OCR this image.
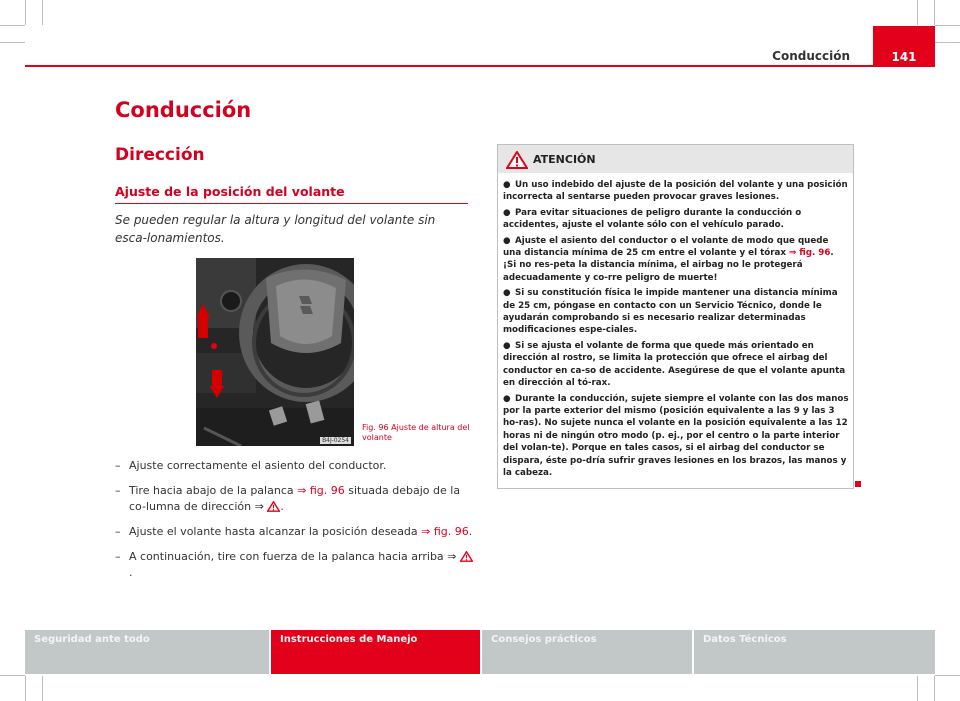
Conducción	141
Conducción
Dirección
Ajuste de la posición del volante

Se pueden regular la altura y longitud del volante sin esca-lonamientos.

B4J-0254
Fig. 96 Ajuste de altura del volante
– Ajuste correctamente el asiento del conductor.
– Tire hacia abajo de la palanca ⇒ fig. 96 situada debajo de la co-lumna de dirección ⇒ .
– Ajuste el volante hasta alcanzar la posición deseada ⇒ fig. 96.
– A continuación, tire con fuerza de la palanca hacia arriba ⇒ .
ATENCIÓN
● Un uso indebido del ajuste de la posición del volante y una posición incorrecta al sentarse pueden provocar graves lesiones.
● Para evitar situaciones de peligro durante la conducción o accidentes, ajuste el volante sólo con el vehículo parado.
● Ajuste el asiento del conductor o el volante de modo que quede una distancia mínima de 25 cm entre el volante y el tórax ⇒ fig. 96. ¡Si no res-peta la distancia mínima, el airbag no le protegerá adecuadamente y co-rre peligro de muerte!
● Si su constitución física le impide mantener una distancia mínima de 25 cm, póngase en contacto con un Servicio Técnico, donde le ayudarán comprobando si es necesario realizar determinadas modificaciones espe-ciales.
● Si se ajusta el volante de forma que quede más orientado en dirección al rostro, se limita la protección que ofrece el airbag del conductor en ca-so de accidente. Asegúrese de que el volante apunta en dirección al tó-rax.
● Durante la conducción, sujete siempre el volante con las dos manos por la parte exterior del mismo (posición equivalente a las 9 y las 3 ho-ras). No sujete nunca el volante en la posición equivalente a las 12 horas ni de ningún otro modo (p. ej., por el centro o la parte interior del volan-te). Porque en tales casos, si el airbag del conductor se dispara, éste po-dría sufrir graves lesiones en los brazos, las manos y la cabeza.
Seguridad ante todo	Instrucciones de Manejo	Consejos prácticos	Datos Técnicos
